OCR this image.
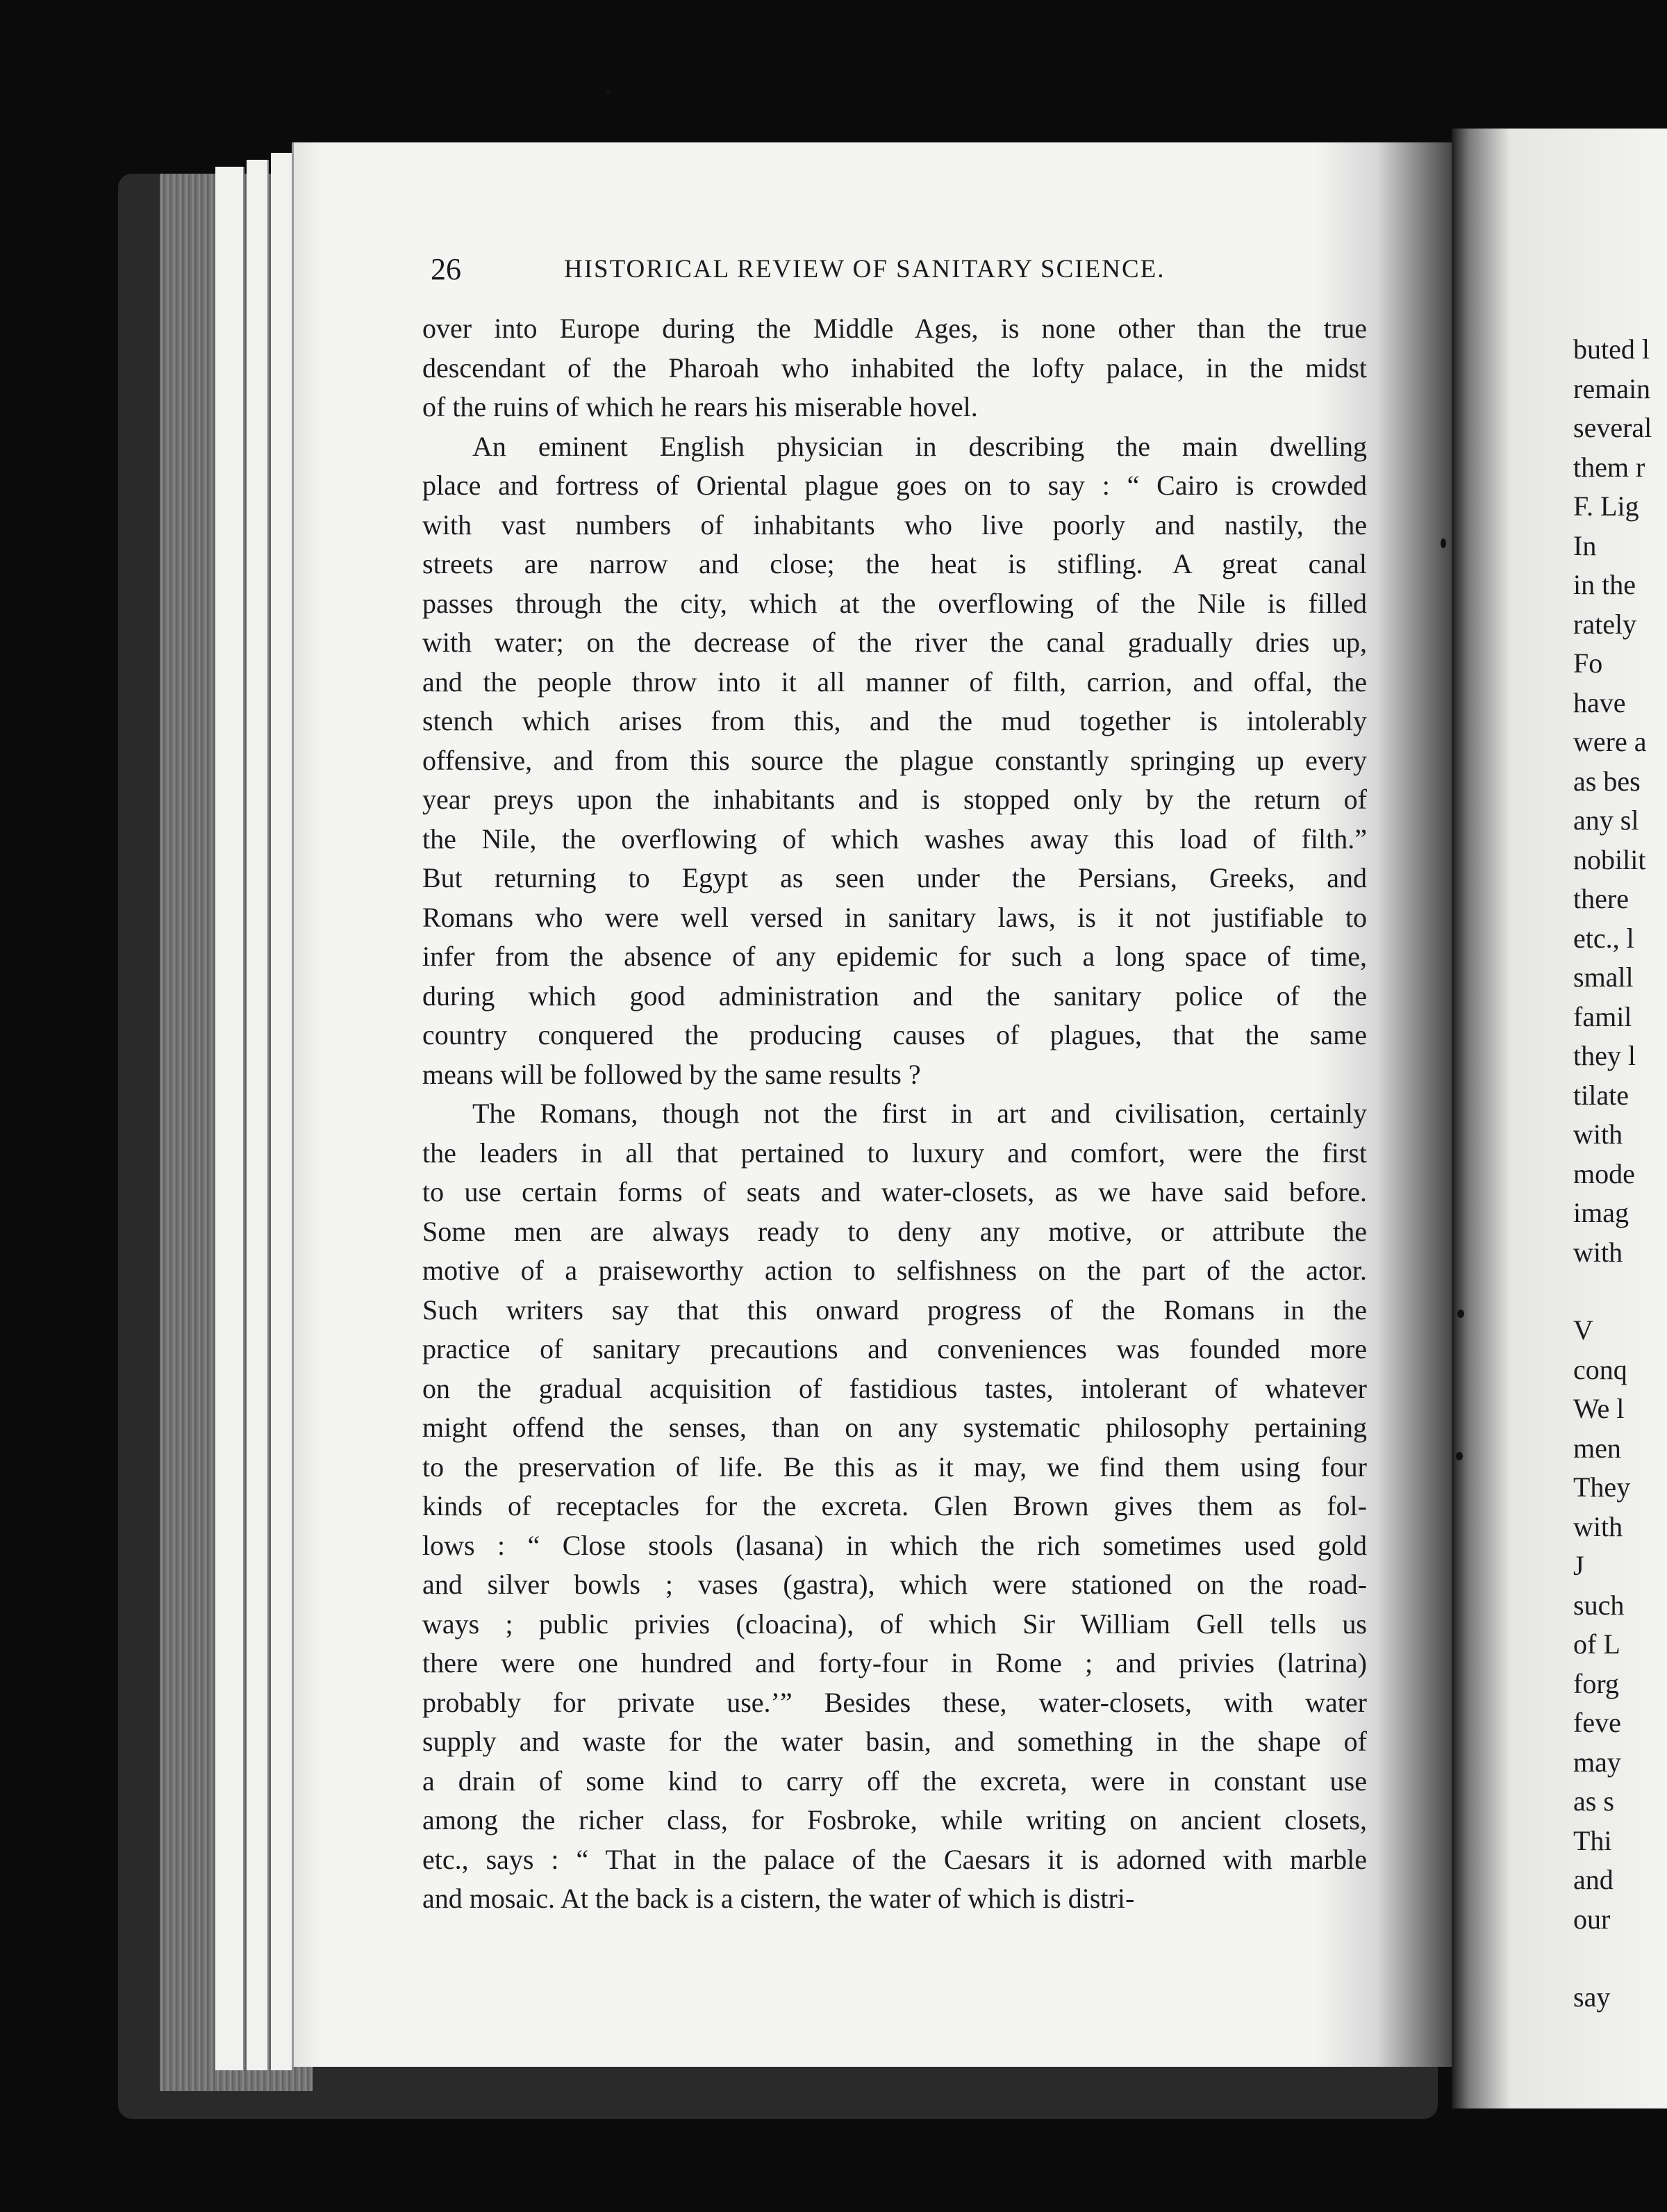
26	HISTORICAL REVIEW OF SANITARY SCIENCE.
over into Europe during the Middle Ages, is none other than the true
descendant of the Pharoah who inhabited the lofty palace, in the midst
of the ruins of which he rears his miserable hovel.
An eminent English physician in describing the main dwelling
place and fortress of Oriental plague goes on to say : “ Cairo is crowded
with vast numbers of inhabitants who live poorly and nastily, the
streets are narrow and close; the heat is stifling. A great canal
passes through the city, which at the overflowing of the Nile is filled
with water; on the decrease of the river the canal gradually dries up,
and the people throw into it all manner of filth, carrion, and offal, the
stench which arises from this, and the mud together is intolerably
offensive, and from this source the plague constantly springing up every
year preys upon the inhabitants and is stopped only by the return of
the Nile, the overflowing of which washes away this load of filth.”
But returning to Egypt as seen under the Persians, Greeks, and
Romans who were well versed in sanitary laws, is it not justifiable to
infer from the absence of any epidemic for such a long space of time,
during which good administration and the sanitary police of the
country conquered the producing causes of plagues, that the same
means will be followed by the same results ?
The Romans, though not the first in art and civilisation, certainly
the leaders in all that pertained to luxury and comfort, were the first
to use certain forms of seats and water-closets, as we have said before.
Some men are always ready to deny any motive, or attribute the
motive of a praiseworthy action to selfishness on the part of the actor.
Such writers say that this onward progress of the Romans in the
practice of sanitary precautions and conveniences was founded more
on the gradual acquisition of fastidious tastes, intolerant of whatever
might offend the senses, than on any systematic philosophy pertaining
to the preservation of life. Be this as it may, we find them using four
kinds of receptacles for the excreta. Glen Brown gives them as fol-
lows : “ Close stools (lasana) in which the rich sometimes used gold
and silver bowls ; vases (gastra), which were stationed on the road-
ways ; public privies (cloacina), of which Sir William Gell tells us
there were one hundred and forty-four in Rome ; and privies (latrina)
probably for private use.’” Besides these, water-closets, with water
supply and waste for the water basin, and something in the shape of
a drain of some kind to carry off the excreta, were in constant use
among the richer class, for Fosbroke, while writing on ancient closets,
etc., says : “ That in the palace of the Caesars it is adorned with marble
and mosaic. At the back is a cistern, the water of which is distri-
buted l
remain
several
them r
F. Lig
In
in the
rately
Fo
have
were a
as bes
any sl
nobilit
there
etc., l
small
famil
they l
tilate
with
mode
imag
with
V
conq
We l
men
They
with
J
such
of L
forg
feve
may
as s
Thi
and
our
say
